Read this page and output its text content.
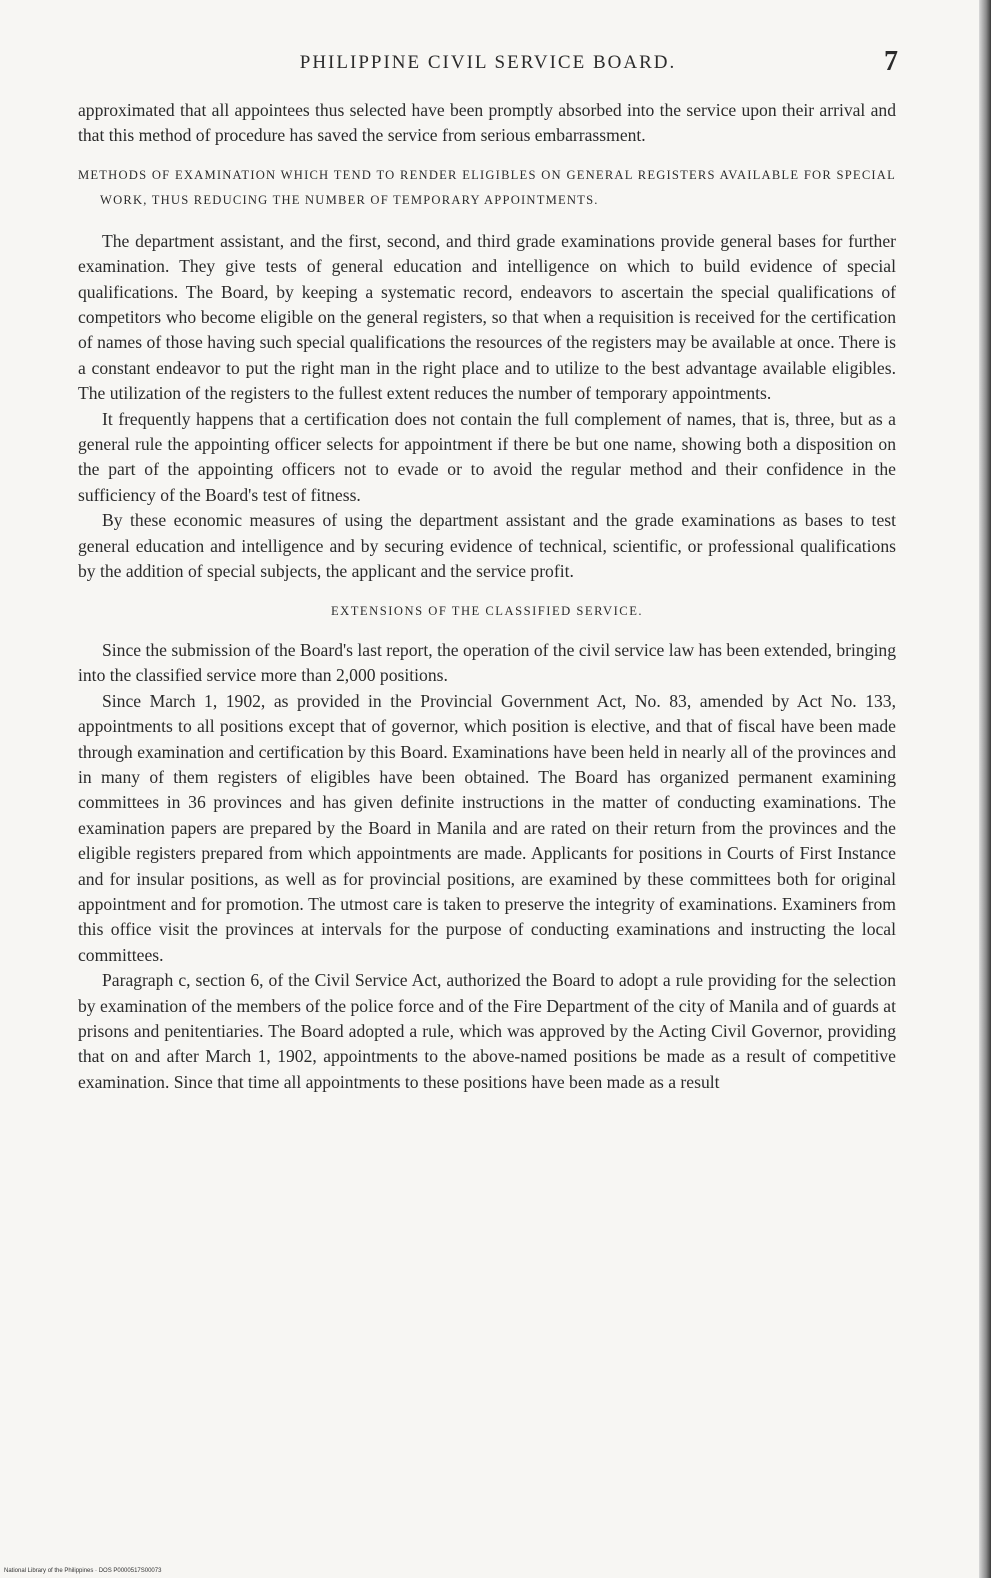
PHILIPPINE CIVIL SERVICE BOARD.	7

approximated that all appointees thus selected have been promptly absorbed into the service upon their arrival and that this method of procedure has saved the service from serious embarrassment.

METHODS OF EXAMINATION WHICH TEND TO RENDER ELIGIBLES ON GENERAL REGISTERS AVAILABLE FOR SPECIAL WORK, THUS REDUCING THE NUMBER OF TEMPORARY APPOINTMENTS.

The department assistant, and the first, second, and third grade examinations provide general bases for further examination. They give tests of general education and intelligence on which to build evidence of special qualifications. The Board, by keeping a systematic record, endeavors to ascertain the special qualifications of competitors who become eligible on the general registers, so that when a requisition is received for the certification of names of those having such special qualifications the resources of the registers may be available at once. There is a constant endeavor to put the right man in the right place and to utilize to the best advantage available eligibles. The utilization of the registers to the fullest extent reduces the number of temporary appointments.

It frequently happens that a certification does not contain the full complement of names, that is, three, but as a general rule the appointing officer selects for appointment if there be but one name, showing both a disposition on the part of the appointing officers not to evade or to avoid the regular method and their confidence in the sufficiency of the Board's test of fitness.

By these economic measures of using the department assistant and the grade examinations as bases to test general education and intelligence and by securing evidence of technical, scientific, or professional qualifications by the addition of special subjects, the applicant and the service profit.

EXTENSIONS OF THE CLASSIFIED SERVICE.

Since the submission of the Board's last report, the operation of the civil service law has been extended, bringing into the classified service more than 2,000 positions.

Since March 1, 1902, as provided in the Provincial Government Act, No. 83, amended by Act No. 133, appointments to all positions except that of governor, which position is elective, and that of fiscal have been made through examination and certification by this Board. Examinations have been held in nearly all of the provinces and in many of them registers of eligibles have been obtained. The Board has organized permanent examining committees in 36 provinces and has given definite instructions in the matter of conducting examinations. The examination papers are prepared by the Board in Manila and are rated on their return from the provinces and the eligible registers prepared from which appointments are made. Applicants for positions in Courts of First Instance and for insular positions, as well as for provincial positions, are examined by these committees both for original appointment and for promotion. The utmost care is taken to preserve the integrity of examinations. Examiners from this office visit the provinces at intervals for the purpose of conducting examinations and instructing the local committees.

Paragraph c, section 6, of the Civil Service Act, authorized the Board to adopt a rule providing for the selection by examination of the members of the police force and of the Fire Department of the city of Manila and of guards at prisons and penitentiaries. The Board adopted a rule, which was approved by the Acting Civil Governor, providing that on and after March 1, 1902, appointments to the above-named positions be made as a result of competitive examination. Since that time all appointments to these positions have been made as a result

National Library of the Philippines · DOS P0000517S00073
